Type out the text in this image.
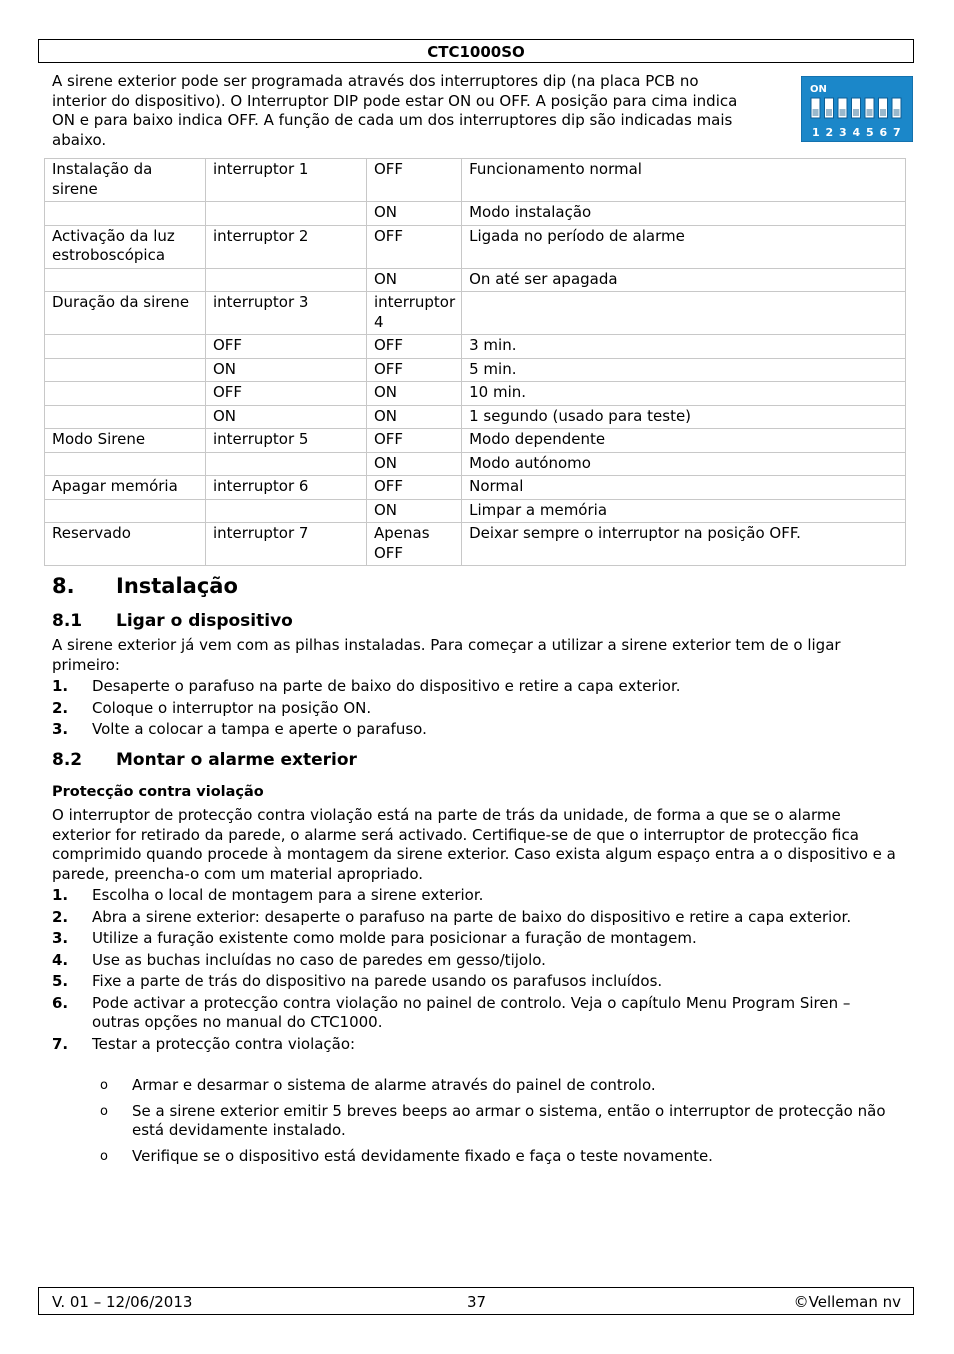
CTC1000SO
A sirene exterior pode ser programada através dos interruptores dip (na placa PCB no interior do dispositivo). O Interruptor DIP pode estar ON ou OFF. A posição para cima indica ON e para baixo indica OFF. A função de cada um dos interruptores dip são indicadas mais abaixo.
ON
1 2 3 4 5 6 7
Instalação da sirene	interruptor 1	OFF	Funcionamento normal
		ON	Modo instalação
Activação da luz estroboscópica	interruptor 2	OFF	Ligada no período de alarme
		ON	On até ser apagada
Duração da sirene	interruptor 3	interruptor 4	
	OFF	OFF	3 min.
	ON	OFF	5 min.
	OFF	ON	10 min.
	ON	ON	1 segundo (usado para teste)
Modo Sirene	interruptor 5	OFF	Modo dependente
		ON	Modo autónomo
Apagar memória	interruptor 6	OFF	Normal
		ON	Limpar a memória
Reservado	interruptor 7	Apenas OFF	Deixar sempre o interruptor na posição OFF.
8. Instalação
8.1 Ligar o dispositivo
A sirene exterior já vem com as pilhas instaladas. Para começar a utilizar a sirene exterior tem de o ligar primeiro:
1. Desaperte o parafuso na parte de baixo do dispositivo e retire a capa exterior.
2. Coloque o interruptor na posição ON.
3. Volte a colocar a tampa e aperte o parafuso.
8.2 Montar o alarme exterior
Protecção contra violação
O interruptor de protecção contra violação está na parte de trás da unidade, de forma a que se o alarme exterior for retirado da parede, o alarme será activado. Certifique-se de que o interruptor de protecção fica comprimido quando procede à montagem da sirene exterior. Caso exista algum espaço entra a o dispositivo e a parede, preencha-o com um material apropriado.
1. Escolha o local de montagem para a sirene exterior.
2. Abra a sirene exterior: desaperte o parafuso na parte de baixo do dispositivo e retire a capa exterior.
3. Utilize a furação existente como molde para posicionar a furação de montagem.
4. Use as buchas incluídas no caso de paredes em gesso/tijolo.
5. Fixe a parte de trás do dispositivo na parede usando os parafusos incluídos.
6. Pode activar a protecção contra violação no painel de controlo. Veja o capítulo Menu Program Siren – outras opções no manual do CTC1000.
7. Testar a protecção contra violação:
o Armar e desarmar o sistema de alarme através do painel de controlo.
o Se a sirene exterior emitir 5 breves beeps ao armar o sistema, então o interruptor de protecção não está devidamente instalado.
o Verifique se o dispositivo está devidamente fixado e faça o teste novamente.
V. 01 – 12/06/2013	37	©Velleman nv
